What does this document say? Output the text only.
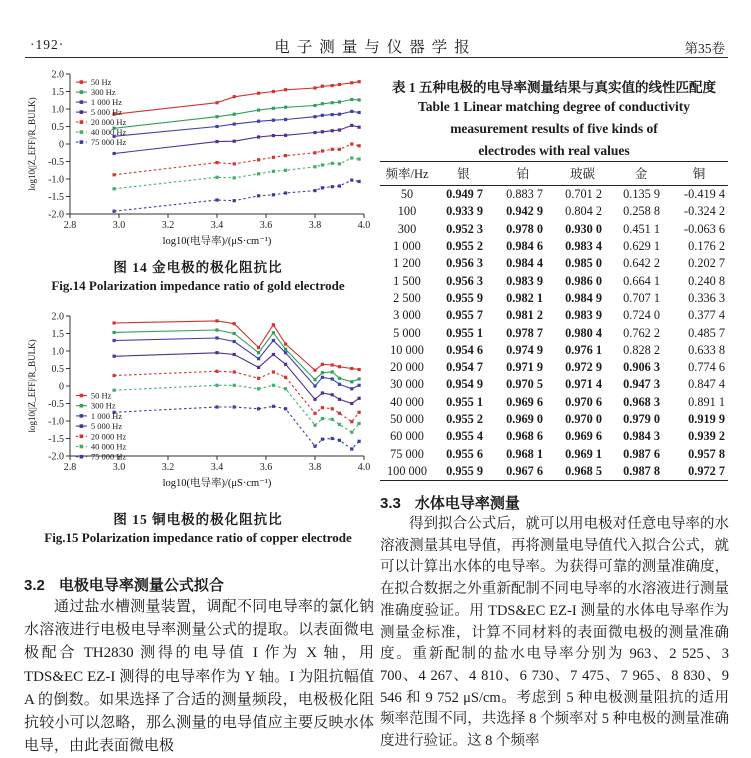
·192·	电子测量与仪器学报	第35卷
2.8	3.0	3.2	3.4	3.6	3.8	4.0
2.0
1.5
1.0
0.5
0
-0.5
-1.0
-1.5
-2.0
log10(电导率)/(μS·cm⁻¹)
log10(|Z_EFF|/R_BULK)
50 Hz
300 Hz
1 000 Hz
5 000 Hz
20 000 Hz
40 000 Hz
75 000 Hz
图 14 金电极的极化阻抗比
Fig.14 Polarization impedance ratio of gold electrode
2.8	3.0	3.2	3.4	3.6	3.8	4.0
2.0
1.5
1.0
0.5
0
-0.5
-1.0
-1.5
-2.0
log10(电导率)/(μS·cm⁻¹)
log10(|Z_EFF|/R_BULK)	50 Hz
300 Hz
1 000 Hz
5 000 Hz
20 000 Hz
40 000 Hz
75 000 Hz
图 15 铜电极的极化阻抗比
Fig.15 Polarization impedance ratio of copper electrode
3.2 电极电导率测量公式拟合
通过盐水槽测量装置，调配不同电导率的氯化钠水溶液进行电极电导率测量公式的提取。以表面微电极配合 TH2830 测得的电导值 I 作为 X 轴，用 TDS&EC EZ-I 测得的电导率作为 Y 轴。I 为阻抗幅值 A 的倒数。如果选择了合适的测量频段，电极极化阻抗较小可以忽略，那么测量的电导值应主要反映水体电导，由此表面微电极
表 1 五种电极的电导率测量结果与真实值的线性匹配度
Table 1 Linear matching degree of conductivity
measurement results of five kinds of
electrodes with real values
频率/Hz	银	铂	玻碳	金	铜
50	0.949 7	0.883 7	0.701 2	0.135 9	-0.419 4
100	0.933 9	0.942 9	0.804 2	0.258 8	-0.324 2
300	0.952 3	0.978 0	0.930 0	0.451 1	-0.063 6
1 000	0.955 2	0.984 6	0.983 4	0.629 1	0.176 2
1 200	0.956 3	0.984 4	0.985 0	0.642 2	0.202 7
1 500	0.956 3	0.983 9	0.986 0	0.664 1	0.240 8
2 500	0.955 9	0.982 1	0.984 9	0.707 1	0.336 3
3 000	0.955 7	0.981 2	0.983 9	0.724 0	0.377 4
5 000	0.955 1	0.978 7	0.980 4	0.762 2	0.485 7
10 000	0.954 6	0.974 9	0.976 1	0.828 2	0.633 8
20 000	0.954 7	0.971 9	0.972 9	0.906 3	0.774 6
30 000	0.954 9	0.970 5	0.971 4	0.947 3	0.847 4
40 000	0.955 1	0.969 6	0.970 6	0.968 3	0.891 1
50 000	0.955 2	0.969 0	0.970 0	0.979 0	0.919 9
60 000	0.955 4	0.968 6	0.969 6	0.984 3	0.939 2
75 000	0.955 6	0.968 1	0.969 1	0.987 6	0.957 8
100 000	0.955 9	0.967 6	0.968 5	0.987 8	0.972 7
3.3 水体电导率测量
得到拟合公式后，就可以用电极对任意电导率的水溶液测量其电导值，再将测量电导值代入拟合公式，就可以计算出水体的电导率。为获得可靠的测量准确度，在拟合数据之外重新配制不同电导率的水溶液进行测量准确度验证。用 TDS&EC EZ-I 测量的水体电导率作为测量金标准，计算不同材料的表面微电极的测量准确度。重新配制的盐水电导率分别为 963、2 525、3 700、4 267、4 810、6 730、7 475、7 965、8 830、9 546 和 9 752 μS/cm。考虑到 5 种电极测量阻抗的适用频率范围不同，共选择 8 个频率对 5 种电极的测量准确度进行验证。这 8 个频率
